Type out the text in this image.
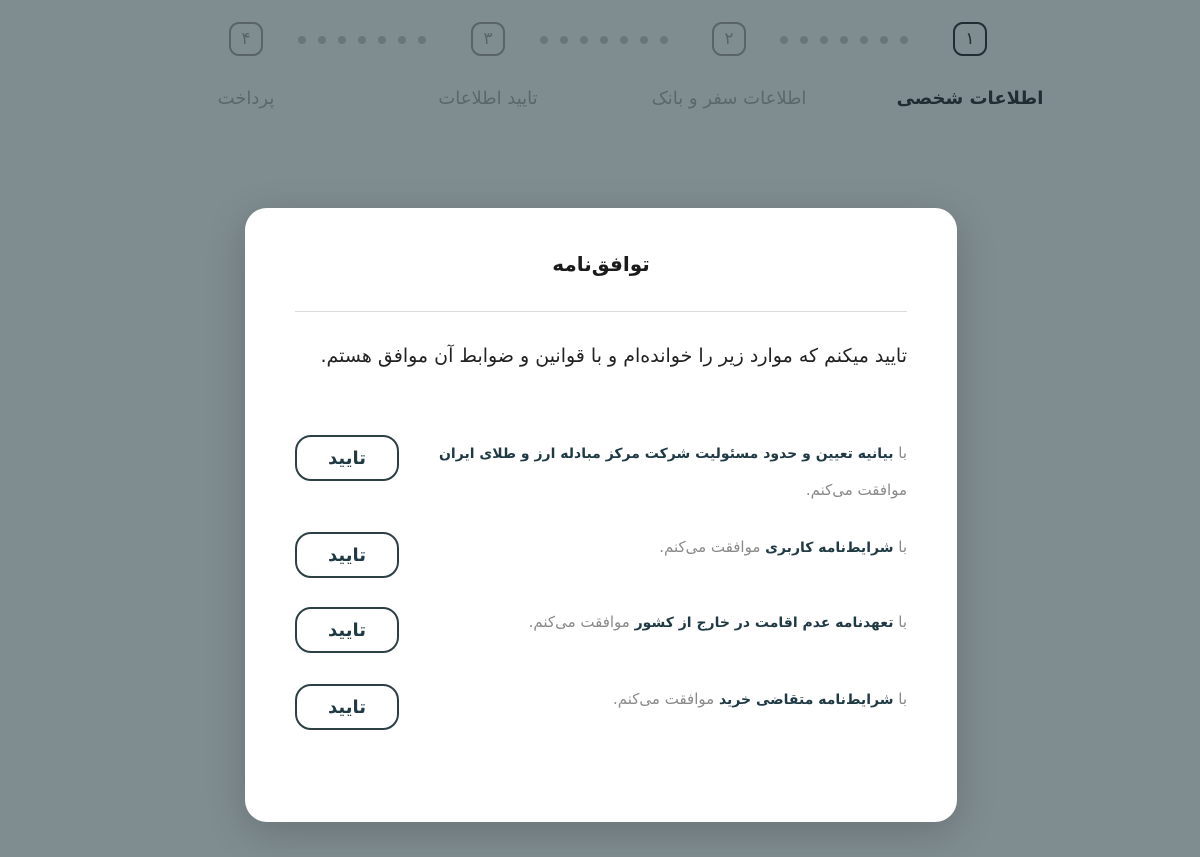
۴	۳	۲	۱
اطلاعات شخصی
اطلاعات سفر و بانک
تایید اطلاعات
پرداخت
توافق‌نامه
تایید میکنم که موارد زیر را خوانده‌ام و با قوانین و ضوابط آن موافق هستم.
با بیانیه تعیین و حدود مسئولیت شرکت مرکز مبادله ارز و طلای ایران موافقت می‌کنم.
تایید
با شرایط‌نامه کاربری موافقت می‌کنم.
تایید
با تعهدنامه عدم اقامت در خارج از کشور موافقت می‌کنم.
تایید
با شرایط‌نامه متقاضی خرید موافقت می‌کنم.
تایید
